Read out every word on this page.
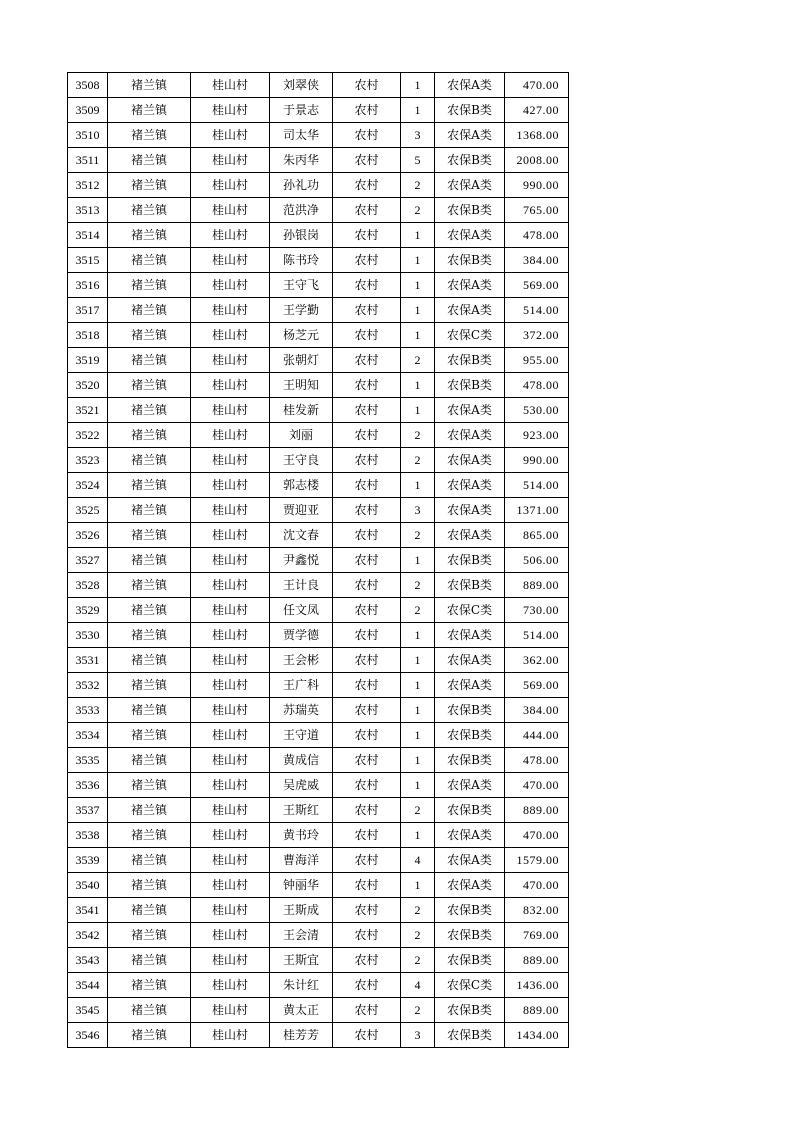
3508	褚兰镇	桂山村	刘翠侠	农村	1	农保A类	470.00
3509	褚兰镇	桂山村	于景志	农村	1	农保B类	427.00
3510	褚兰镇	桂山村	司太华	农村	3	农保A类	1368.00
3511	褚兰镇	桂山村	朱丙华	农村	5	农保B类	2008.00
3512	褚兰镇	桂山村	孙礼功	农村	2	农保A类	990.00
3513	褚兰镇	桂山村	范洪净	农村	2	农保B类	765.00
3514	褚兰镇	桂山村	孙银岗	农村	1	农保A类	478.00
3515	褚兰镇	桂山村	陈书玲	农村	1	农保B类	384.00
3516	褚兰镇	桂山村	王守飞	农村	1	农保A类	569.00
3517	褚兰镇	桂山村	王学勤	农村	1	农保A类	514.00
3518	褚兰镇	桂山村	杨芝元	农村	1	农保C类	372.00
3519	褚兰镇	桂山村	张朝灯	农村	2	农保B类	955.00
3520	褚兰镇	桂山村	王明知	农村	1	农保B类	478.00
3521	褚兰镇	桂山村	桂发新	农村	1	农保A类	530.00
3522	褚兰镇	桂山村	刘丽	农村	2	农保A类	923.00
3523	褚兰镇	桂山村	王守良	农村	2	农保A类	990.00
3524	褚兰镇	桂山村	郭志楼	农村	1	农保A类	514.00
3525	褚兰镇	桂山村	贾迎亚	农村	3	农保A类	1371.00
3526	褚兰镇	桂山村	沈文春	农村	2	农保A类	865.00
3527	褚兰镇	桂山村	尹鑫悦	农村	1	农保B类	506.00
3528	褚兰镇	桂山村	王计良	农村	2	农保B类	889.00
3529	褚兰镇	桂山村	任文凤	农村	2	农保C类	730.00
3530	褚兰镇	桂山村	贾学德	农村	1	农保A类	514.00
3531	褚兰镇	桂山村	王会彬	农村	1	农保A类	362.00
3532	褚兰镇	桂山村	王广科	农村	1	农保A类	569.00
3533	褚兰镇	桂山村	苏瑞英	农村	1	农保B类	384.00
3534	褚兰镇	桂山村	王守道	农村	1	农保B类	444.00
3535	褚兰镇	桂山村	黄成信	农村	1	农保B类	478.00
3536	褚兰镇	桂山村	吴虎威	农村	1	农保A类	470.00
3537	褚兰镇	桂山村	王斯红	农村	2	农保B类	889.00
3538	褚兰镇	桂山村	黄书玲	农村	1	农保A类	470.00
3539	褚兰镇	桂山村	曹海洋	农村	4	农保A类	1579.00
3540	褚兰镇	桂山村	钟丽华	农村	1	农保A类	470.00
3541	褚兰镇	桂山村	王斯成	农村	2	农保B类	832.00
3542	褚兰镇	桂山村	王会清	农村	2	农保B类	769.00
3543	褚兰镇	桂山村	王斯宜	农村	2	农保B类	889.00
3544	褚兰镇	桂山村	朱计红	农村	4	农保C类	1436.00
3545	褚兰镇	桂山村	黄太正	农村	2	农保B类	889.00
3546	褚兰镇	桂山村	桂芳芳	农村	3	农保B类	1434.00
